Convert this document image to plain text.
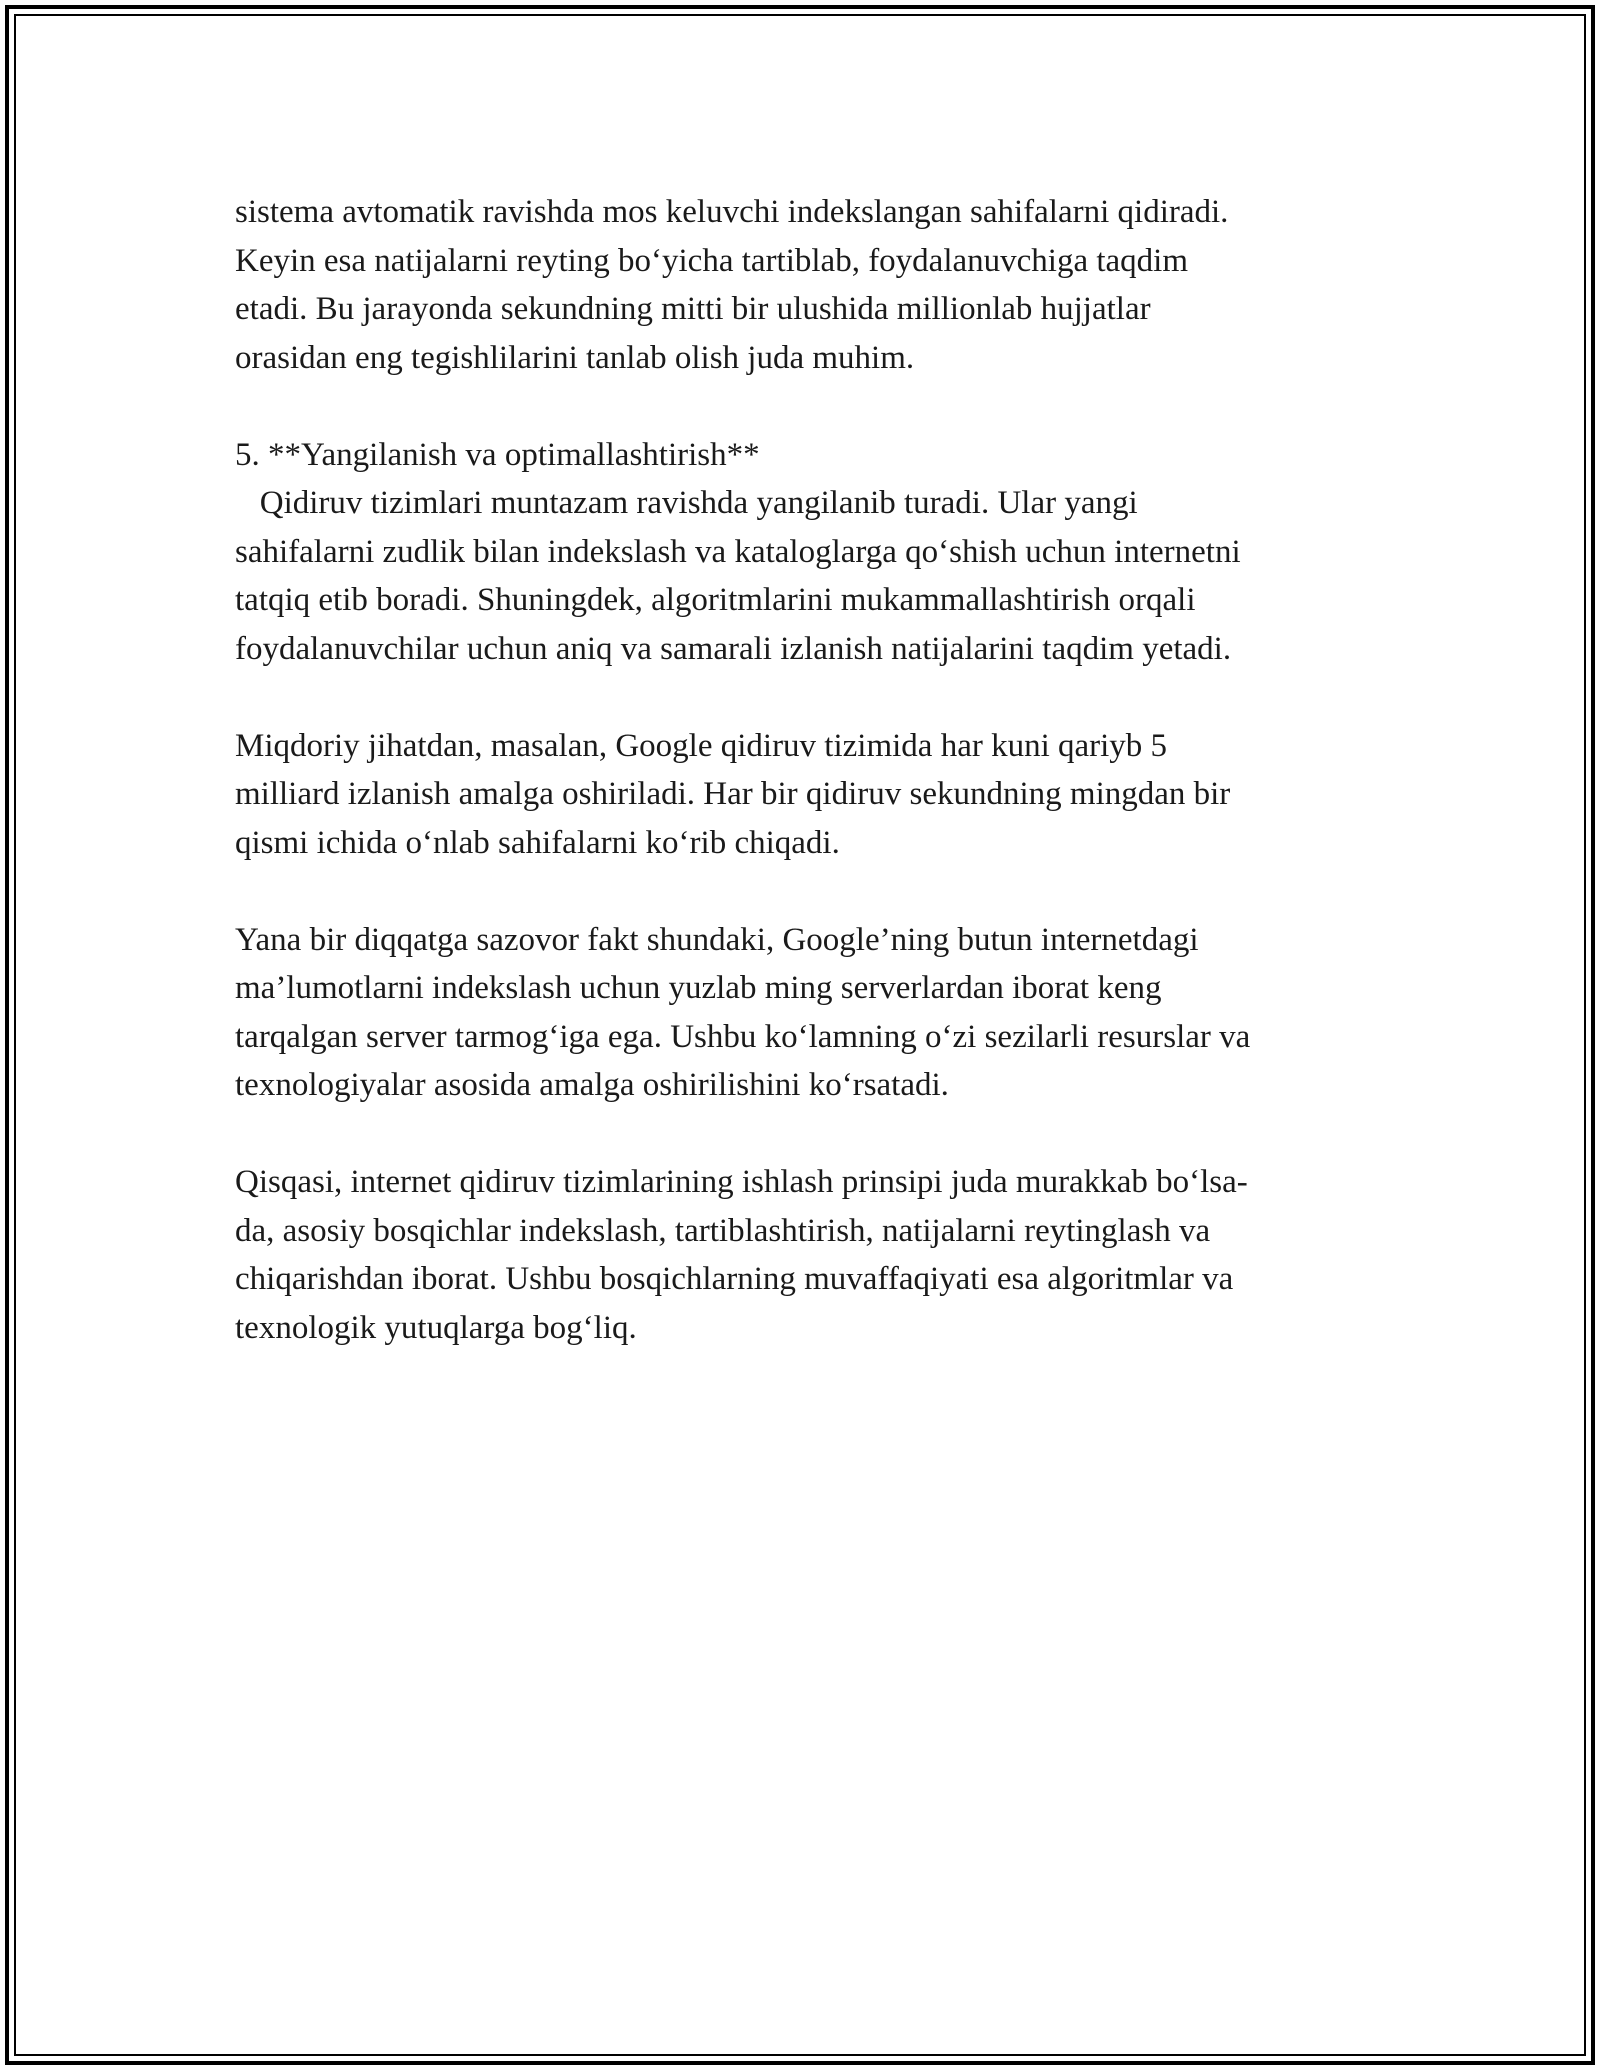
sistema avtomatik ravishda mos keluvchi indekslangan sahifalarni qidiradi.
Keyin esa natijalarni reyting bo‘yicha tartiblab, foydalanuvchiga taqdim
etadi. Bu jarayonda sekundning mitti bir ulushida millionlab hujjatlar
orasidan eng tegishlilarini tanlab olish juda muhim.

5. **Yangilanish va optimallashtirish**
Qidiruv tizimlari muntazam ravishda yangilanib turadi. Ular yangi
sahifalarni zudlik bilan indekslash va kataloglarga qo‘shish uchun internetni
tatqiq etib boradi. Shuningdek, algoritmlarini mukammallashtirish orqali
foydalanuvchilar uchun aniq va samarali izlanish natijalarini taqdim yetadi.

Miqdoriy jihatdan, masalan, Google qidiruv tizimida har kuni qariyb 5
milliard izlanish amalga oshiriladi. Har bir qidiruv sekundning mingdan bir
qismi ichida o‘nlab sahifalarni ko‘rib chiqadi.

Yana bir diqqatga sazovor fakt shundaki, Google’ning butun internetdagi
ma’lumotlarni indekslash uchun yuzlab ming serverlardan iborat keng
tarqalgan server tarmog‘iga ega. Ushbu ko‘lamning o‘zi sezilarli resurslar va
texnologiyalar asosida amalga oshirilishini ko‘rsatadi.

Qisqasi, internet qidiruv tizimlarining ishlash prinsipi juda murakkab bo‘lsa-
da, asosiy bosqichlar indekslash, tartiblashtirish, natijalarni reytinglash va
chiqarishdan iborat. Ushbu bosqichlarning muvaffaqiyati esa algoritmlar va
texnologik yutuqlarga bog‘liq.
